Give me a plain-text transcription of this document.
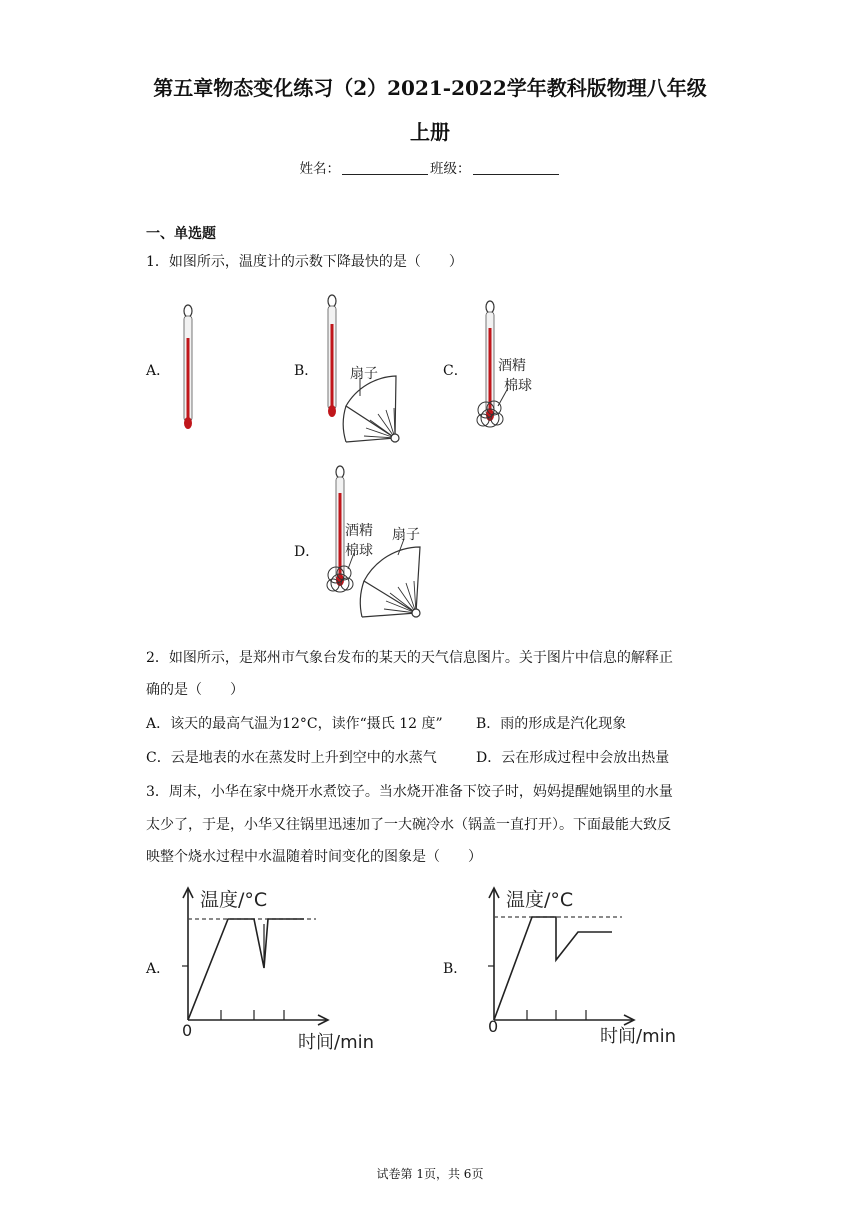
第五章物态变化练习（2）2021-2022学年教科版物理八年级
上册
姓名：	班级：
一、单选题
1．如图所示，温度计的示数下降最快的是（　　）
A．	B．	C．
D．
扇子	酒精
棉球
酒精
棉球
扇子
2．如图所示，是郑州市气象台发布的某天的天气信息图片。关于图片中信息的解释正
确的是（　　）
A．该天的最高气温为12°C，读作“摄氏 12 度” B．雨的形成是汽化现象
C．云是地表的水在蒸发时上升到空中的水蒸气	D．云在形成过程中会放出热量
3．周末，小华在家中烧开水煮饺子。当水烧开准备下饺子时，妈妈提醒她锅里的水量
太少了，于是，小华又往锅里迅速加了一大碗冷水（锅盖一直打开）。下面最能大致反
映整个烧水过程中水温随着时间变化的图象是（　　）
A．	B．
温度/°C
0
时间/min
温度/°C
0	时间/min
试卷第 1页，共 6页
